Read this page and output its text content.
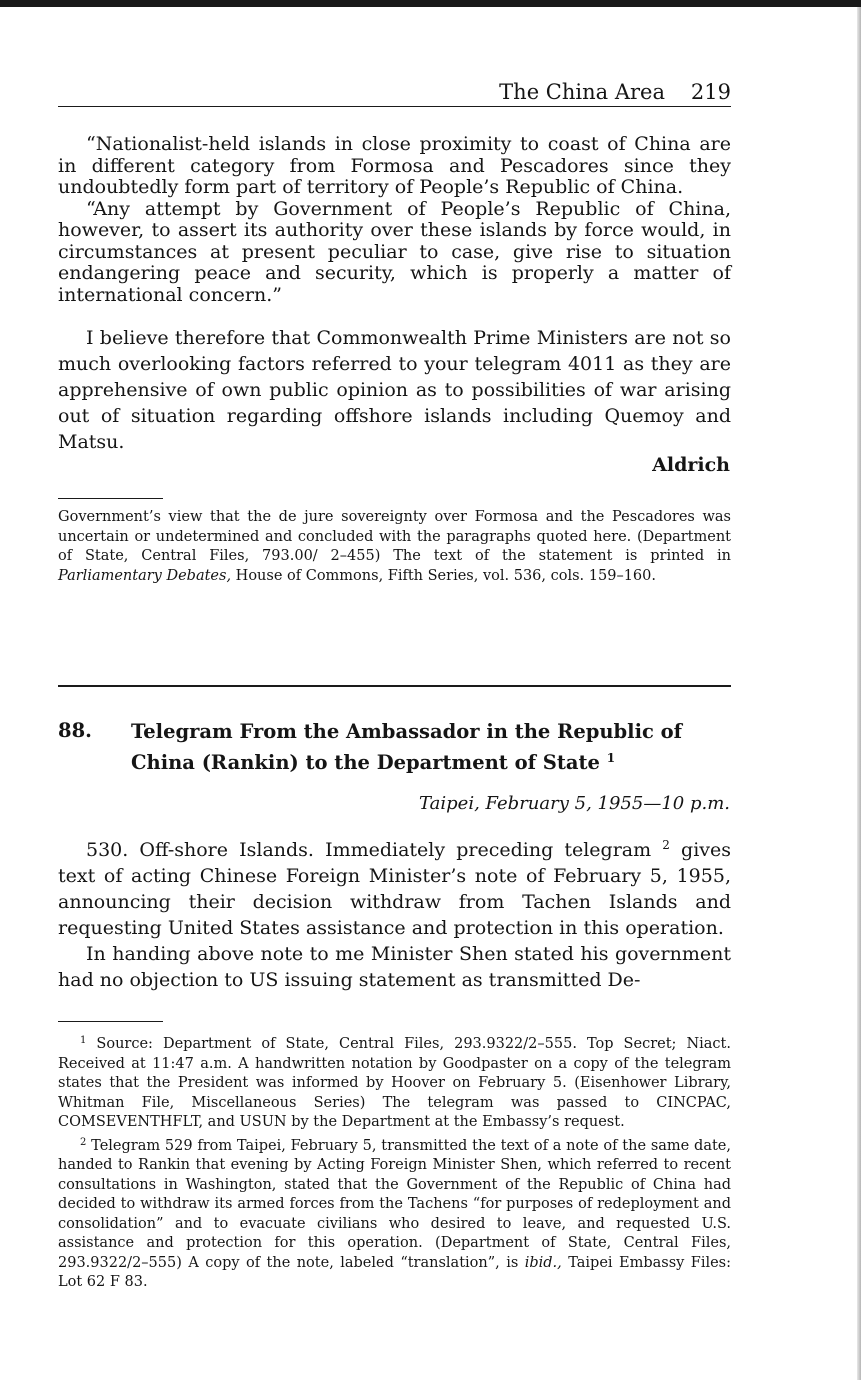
The China Area 219

“Nationalist-held islands in close proximity to coast of China are in different category from Formosa and Pescadores since they undoubtedly form part of territory of People’s Republic of China.

“Any attempt by Government of People’s Republic of China, however, to assert its authority over these islands by force would, in circumstances at present peculiar to case, give rise to situation endangering peace and security, which is properly a matter of international concern.”

I believe therefore that Commonwealth Prime Ministers are not so much overlooking factors referred to your telegram 4011 as they are apprehensive of own public opinion as to possibilities of war arising out of situation regarding offshore islands including Quemoy and Matsu.

Aldrich

Government’s view that the de jure sovereignty over Formosa and the Pescadores was uncertain or undetermined and concluded with the paragraphs quoted here. (Department of State, Central Files, 793.00/ 2–455) The text of the statement is printed in Parliamentary Debates, House of Commons, Fifth Series, vol. 536, cols. 159–160.

88. Telegram From the Ambassador in the Republic of China (Rankin) to the Department of State $^1$
Taipei, February 5, 1955—10 p.m.

530. Off-shore Islands. Immediately preceding telegram $^2$ gives text of acting Chinese Foreign Minister’s note of February 5, 1955, announcing their decision withdraw from Tachen Islands and requesting United States assistance and protection in this operation.

In handing above note to me Minister Shen stated his government had no objection to US issuing statement as transmitted De-

$^1$ Source: Department of State, Central Files, 293.9322/2–555. Top Secret; Niact. Received at 11:47 a.m. A handwritten notation by Goodpaster on a copy of the telegram states that the President was informed by Hoover on February 5. (Eisenhower Library, Whitman File, Miscellaneous Series) The telegram was passed to CINCPAC, COMSEVENTHFLT, and USUN by the Department at the Embassy’s request.

$^2$ Telegram 529 from Taipei, February 5, transmitted the text of a note of the same date, handed to Rankin that evening by Acting Foreign Minister Shen, which referred to recent consultations in Washington, stated that the Government of the Republic of China had decided to withdraw its armed forces from the Tachens “for purposes of redeployment and consolidation” and to evacuate civilians who desired to leave, and requested U.S. assistance and protection for this operation. (Department of State, Central Files, 293.9322/2–555) A copy of the note, labeled “translation”, is ibid., Taipei Embassy Files: Lot 62 F 83.
